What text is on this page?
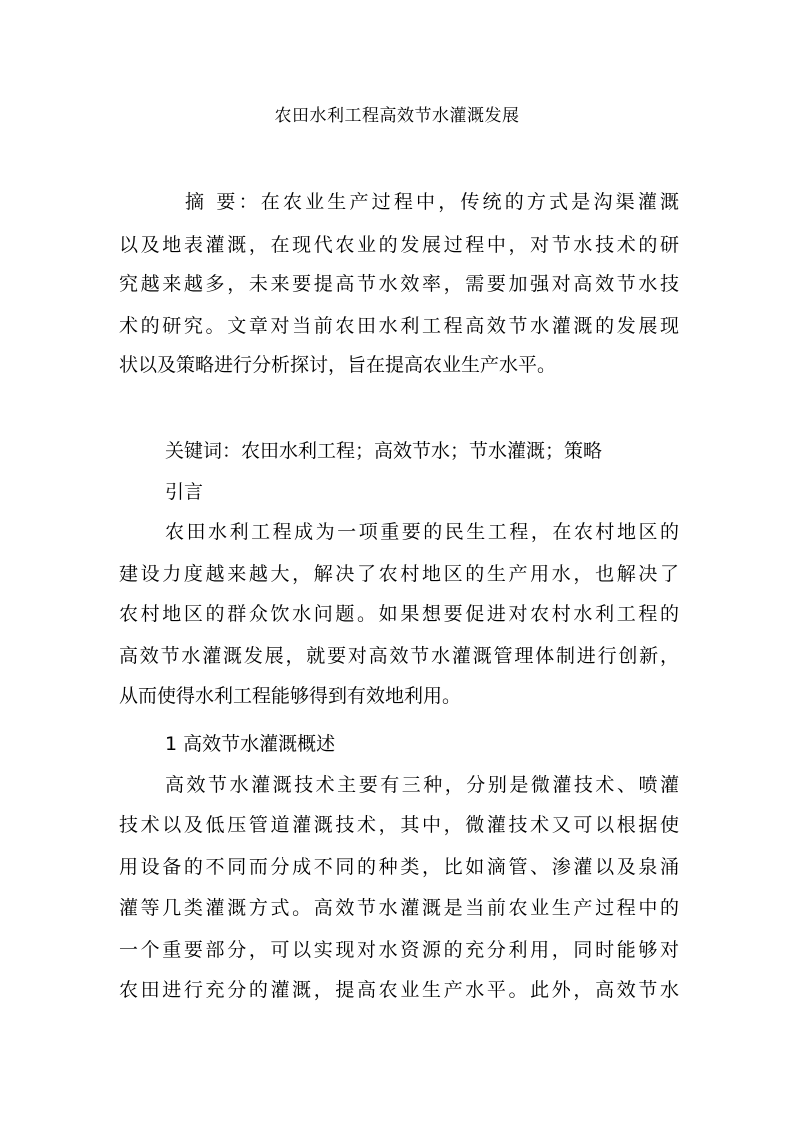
农田水利工程高效节水灌溉发展
摘 要：在农业生产过程中，传统的方式是沟渠灌溉
以及地表灌溉，在现代农业的发展过程中，对节水技术的研
究越来越多，未来要提高节水效率，需要加强对高效节水技
术的研究。文章对当前农田水利工程高效节水灌溉的发展现
状以及策略进行分析探讨，旨在提高农业生产水平。
关键词：农田水利工程；高效节水；节水灌溉；策略
引言
农田水利工程成为一项重要的民生工程，在农村地区的
建设力度越来越大，解决了农村地区的生产用水，也解决了
农村地区的群众饮水问题。如果想要促进对农村水利工程的
高效节水灌溉发展，就要对高效节水灌溉管理体制进行创新，
从而使得水利工程能够得到有效地利用。
1 高效节水灌溉概述
高效节水灌溉技术主要有三种，分别是微灌技术、喷灌
技术以及低压管道灌溉技术，其中，微灌技术又可以根据使
用设备的不同而分成不同的种类，比如滴管、渗灌以及泉涌
灌等几类灌溉方式。高效节水灌溉是当前农业生产过程中的
一个重要部分，可以实现对水资源的充分利用，同时能够对
农田进行充分的灌溉，提高农业生产水平。此外，高效节水
